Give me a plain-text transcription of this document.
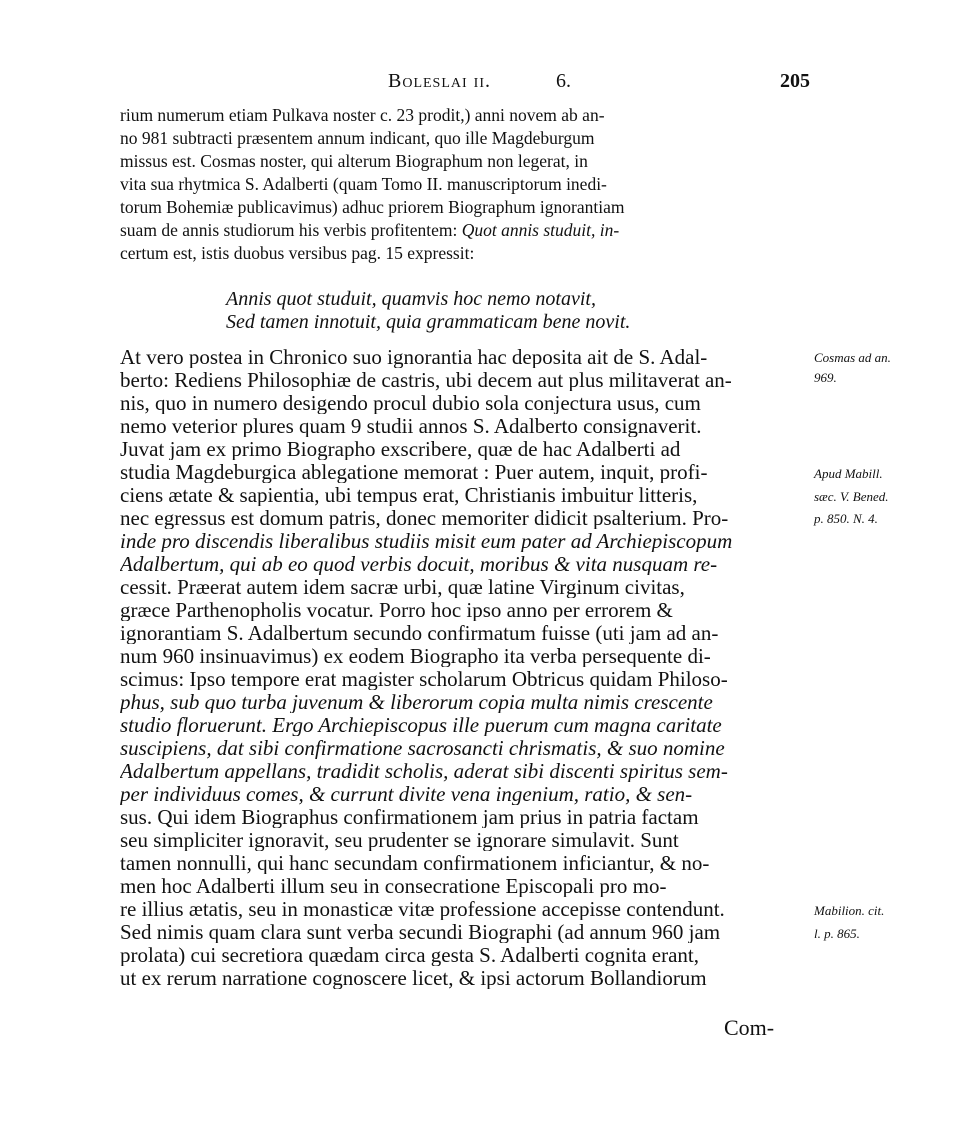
Boleslai ii.	6.	205
rium numerum etiam Pulkava noster c. 23 prodit,) anni novem ab an-
no 981 subtracti præsentem annum indicant, quo ille Magdeburgum
missus est. Cosmas noster, qui alterum Biographum non legerat, in
vita sua rhytmica S. Adalberti (quam Tomo II. manuscriptorum inedi-
torum Bohemiæ publicavimus) adhuc priorem Biographum ignorantiam
suam de annis studiorum his verbis profitentem: Quot annis studuit, in-
certum est, istis duobus versibus pag. 15 expressit:
Annis quot studuit, quamvis hoc nemo notavit,
Sed tamen innotuit, quia grammaticam bene novit.
At vero postea in Chronico suo ignorantia hac deposita ait de S. Adal-
berto: Rediens Philosophiæ de castris, ubi decem aut plus militaverat an-
nis, quo in numero desigendo procul dubio sola conjectura usus, cum
nemo veterior plures quam 9 studii annos S. Adalberto consignaverit.
Juvat jam ex primo Biographo exscribere, quæ de hac Adalberti ad
studia Magdeburgica ablegatione memorat : Puer autem, inquit, profi-
ciens ætate & sapientia, ubi tempus erat, Christianis imbuitur litteris,
nec egressus est domum patris, donec memoriter didicit psalterium. Pro-
inde pro discendis liberalibus studiis misit eum pater ad Archiepiscopum
Adalbertum, qui ab eo quod verbis docuit, moribus & vita nusquam re-
cessit. Præerat autem idem sacræ urbi, quæ latine Virginum civitas,
græce Parthenopholis vocatur. Porro hoc ipso anno per errorem &
ignorantiam S. Adalbertum secundo confirmatum fuisse (uti jam ad an-
num 960 insinuavimus) ex eodem Biographo ita verba persequente di-
scimus: Ipso tempore erat magister scholarum Obtricus quidam Philoso-
phus, sub quo turba juvenum & liberorum copia multa nimis crescente
studio floruerunt. Ergo Archiepiscopus ille puerum cum magna caritate
suscipiens, dat sibi confirmatione sacrosancti chrismatis, & suo nomine
Adalbertum appellans, tradidit scholis, aderat sibi discenti spiritus sem-
per individuus comes, & currunt divite vena ingenium, ratio, & sen-
sus. Qui idem Biographus confirmationem jam prius in patria factam
seu simpliciter ignoravit, seu prudenter se ignorare simulavit. Sunt
tamen nonnulli, qui hanc secundam confirmationem inficiantur, & no-
men hoc Adalberti illum seu in consecratione Episcopali pro mo-
re illius ætatis, seu in monasticæ vitæ professione accepisse contendunt.
Sed nimis quam clara sunt verba secundi Biographi (ad annum 960 jam
prolata) cui secretiora quædam circa gesta S. Adalberti cognita erant,
ut ex rerum narratione cognoscere licet, & ipsi actorum Bollandiorum
Com-
Cosmas ad an.
969.
Apud Mabill.
sæc. V. Bened.
p. 850. N. 4.
Mabilion. cit.
l. p. 865.
